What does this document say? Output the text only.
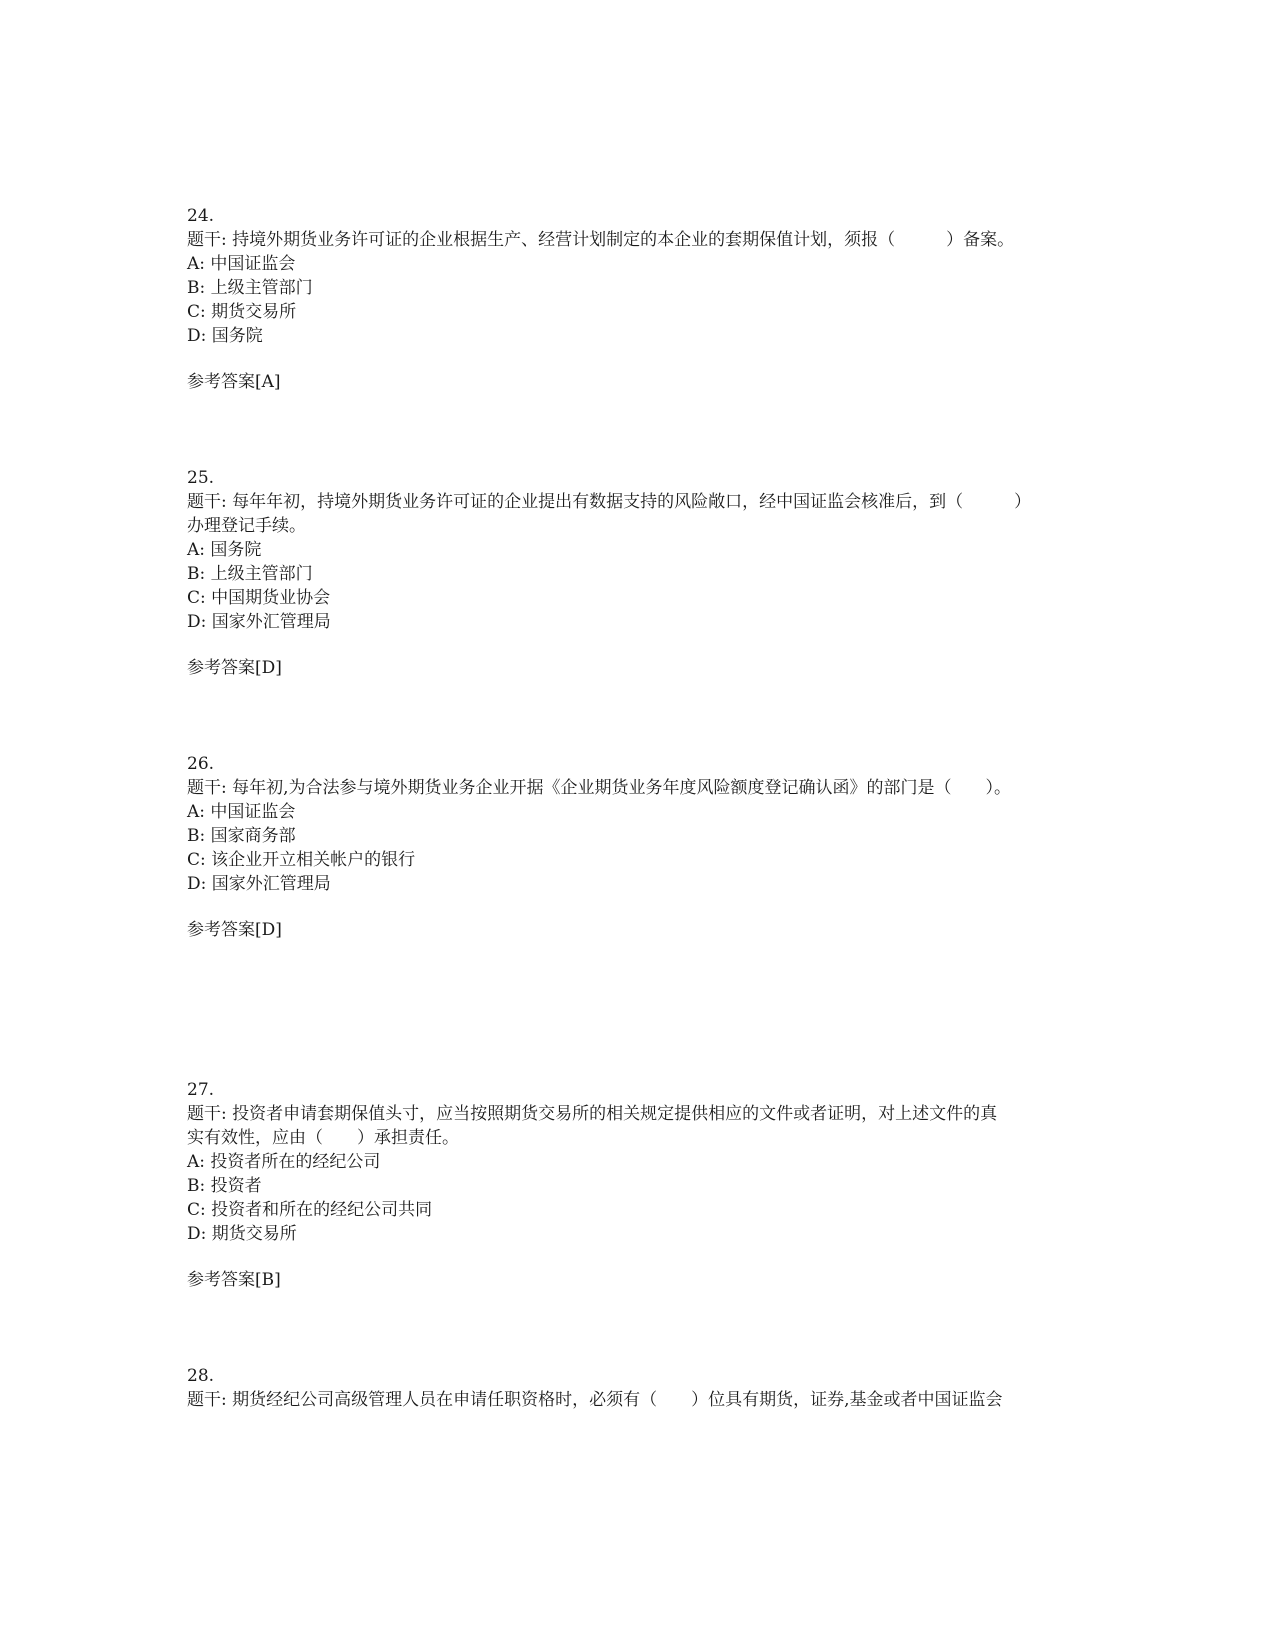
24.
题干: 持境外期货业务许可证的企业根据生产、经营计划制定的本企业的套期保值计划，须报（　　　）备案。
A: 中国证监会
B: 上级主管部门
C: 期货交易所
D: 国务院
参考答案[A]
25.
题干: 每年年初，持境外期货业务许可证的企业提出有数据支持的风险敞口，经中国证监会核准后，到（　　　）
办理登记手续。
A: 国务院
B: 上级主管部门
C: 中国期货业协会
D: 国家外汇管理局
参考答案[D]
26.
题干: 每年初,为合法参与境外期货业务企业开据《企业期货业务年度风险额度登记确认函》的部门是（　　）。
A: 中国证监会
B: 国家商务部
C: 该企业开立相关帐户的银行
D: 国家外汇管理局
参考答案[D]
27.
题干: 投资者申请套期保值头寸，应当按照期货交易所的相关规定提供相应的文件或者证明，对上述文件的真
实有效性，应由（　　）承担责任。
A: 投资者所在的经纪公司
B: 投资者
C: 投资者和所在的经纪公司共同
D: 期货交易所
参考答案[B]
28.
题干: 期货经纪公司高级管理人员在申请任职资格时，必须有（　　）位具有期货，证券,基金或者中国证监会
